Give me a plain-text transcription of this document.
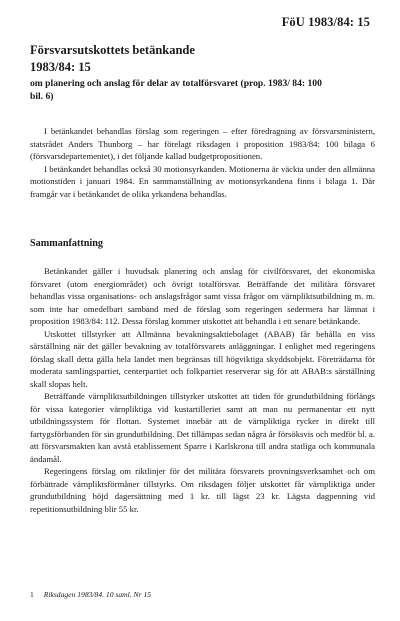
FöU 1983/84: 15
Försvarsutskottets betänkande
1983/84: 15
om planering och anslag för delar av totalförsvaret (prop. 1983/ 84: 100 bil. 6)

I betänkandet behandlas förslag som regeringen – efter föredragning av försvarsministern, statsrådet Anders Thunborg – har förelagt riksdagen i proposition 1983/84: 100 bilaga 6 (försvarsdepartementet), i det följande kallad budgetpropositionen.

I betänkandet behandlas också 30 motionsyrkanden. Motionerna är väckta under den allmänna motionstiden i januari 1984. En sammanställning av motionsyrkandena finns i bilaga 1. Där framgår var i betänkandet de olika yrkandena behandlas.

Sammanfattning

Betänkandet gäller i huvudsak planering och anslag för civilförsvaret, det ekonomiska försvaret (utom energiområdet) och övrigt totalförsvar. Beträffande det militära försvaret behandlas vissa organisations- och anslagsfrågor samt vissa frågor om värnpliktsutbildning m. m. som inte har omedelbart samband med de förslag som regeringen sedermera har lämnat i proposition 1983/84: 112. Dessa förslag kommer utskottet att behandla i ett senare betänkande.

Utskottet tillstyrker att Allmänna bevakningsaktiebolaget (ABAB) får behålla en viss särställning när det gäller bevakning av totalförsvarets anläggningar. I enlighet med regeringens förslag skall detta gälla hela landet men begränsas till högviktiga skyddsobjekt. Företrädarna för moderata samlingspartiet, centerpartiet och folkpartiet reserverar sig för att ABAB:s särställning skall slopas helt.

Beträffande värnpliktsutbildningen tillstyrker utskottet att tiden för grundutbildning förlängs för vissa kategorier värnpliktiga vid kustartilleriet samt att man nu permanentar ett nytt utbildningssystem för flottan. Systemet innebär att de värnpliktiga rycker in direkt till fartygsförbanden för sin grundutbildning. Det tillämpas sedan några år försöksvis och medför bl. a. att försvarsmakten kan avstå etablissement Sparre i Karlskrona till andra statliga och kommunala ändamål.

Regeringens förslag om riktlinjer för det militära försvarets provningsverksamhet och om förbättrade värnpliktsförmåner tillstyrks. Om riksdagen följer utskottet får värnpliktiga under grundutbildning höjd dagersättning med 1 kr. till lägst 23 kr. Lägsta dagpenning vid repetitionsutbildning blir 55 kr.

1 Riksdagen 1983/84. 10 saml. Nr 15
